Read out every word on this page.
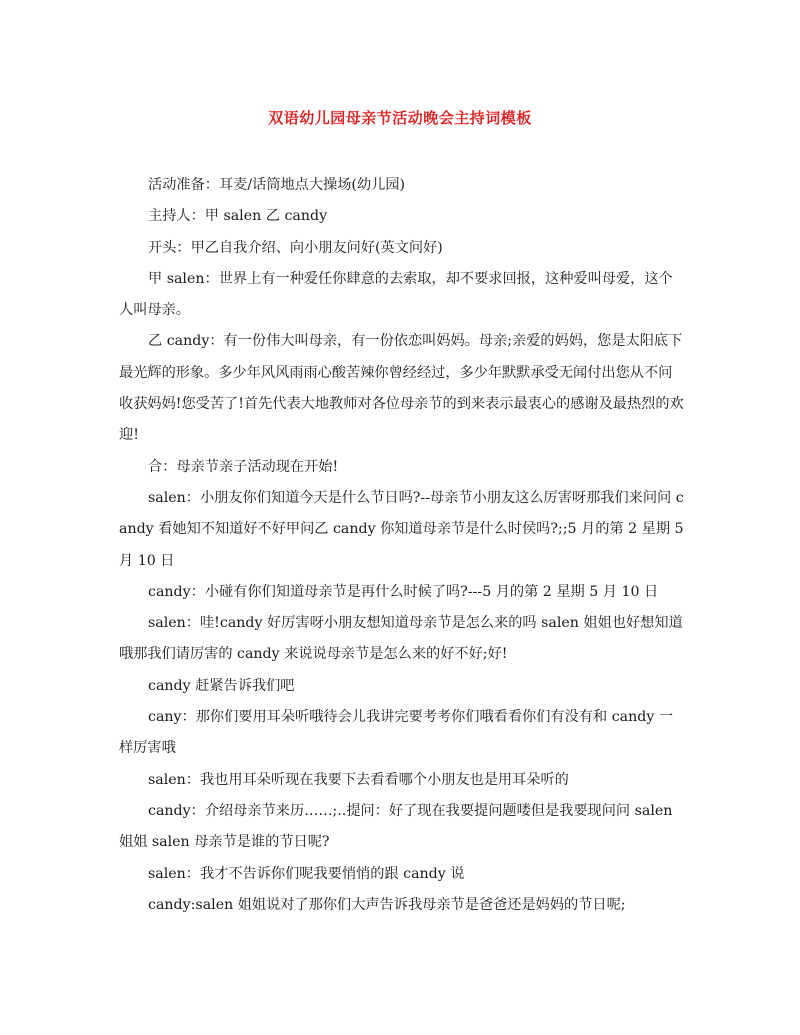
双语幼儿园母亲节活动晚会主持词模板

活动准备：耳麦/话筒地点大操场(幼儿园)

主持人：甲 salen 乙 candy

开头：甲乙自我介绍、向小朋友问好(英文问好)

甲 salen：世界上有一种爱任你肆意的去索取，却不要求回报，这种爱叫母爱，这个人叫母亲。

乙 candy：有一份伟大叫母亲，有一份依恋叫妈妈。母亲;亲爱的妈妈，您是太阳底下最光辉的形象。多少年风风雨雨心酸苦辣你曾经经过，多少年默默承受无闻付出您从不问收获妈妈!您受苦了!首先代表大地教师对各位母亲节的到来表示最衷心的感谢及最热烈的欢迎!

合：母亲节亲子活动现在开始!

salen：小朋友你们知道今天是什么节日吗?--母亲节小朋友这么厉害呀那我们来问问 candy 看她知不知道好不好甲问乙 candy 你知道母亲节是什么时侯吗?;;5 月的第 2 星期 5 月 10 日

candy：小碰有你们知道母亲节是再什么时候了吗?---5 月的第 2 星期 5 月 10 日

salen：哇!candy 好厉害呀小朋友想知道母亲节是怎么来的吗 salen 姐姐也好想知道哦那我们请厉害的 candy 来说说母亲节是怎么来的好不好;好!

candy 赶紧告诉我们吧

cany：那你们要用耳朵听哦待会儿我讲完要考考你们哦看看你们有没有和 candy 一样厉害哦

salen：我也用耳朵听现在我要下去看看哪个小朋友也是用耳朵听的

candy：介绍母亲节来历……;..提问：好了现在我要提问题喽但是我要现问问 salen 姐姐 salen 母亲节是谁的节日呢?

salen：我才不告诉你们呢我要悄悄的跟 candy 说

candy:salen 姐姐说对了那你们大声告诉我母亲节是爸爸还是妈妈的节日呢;
